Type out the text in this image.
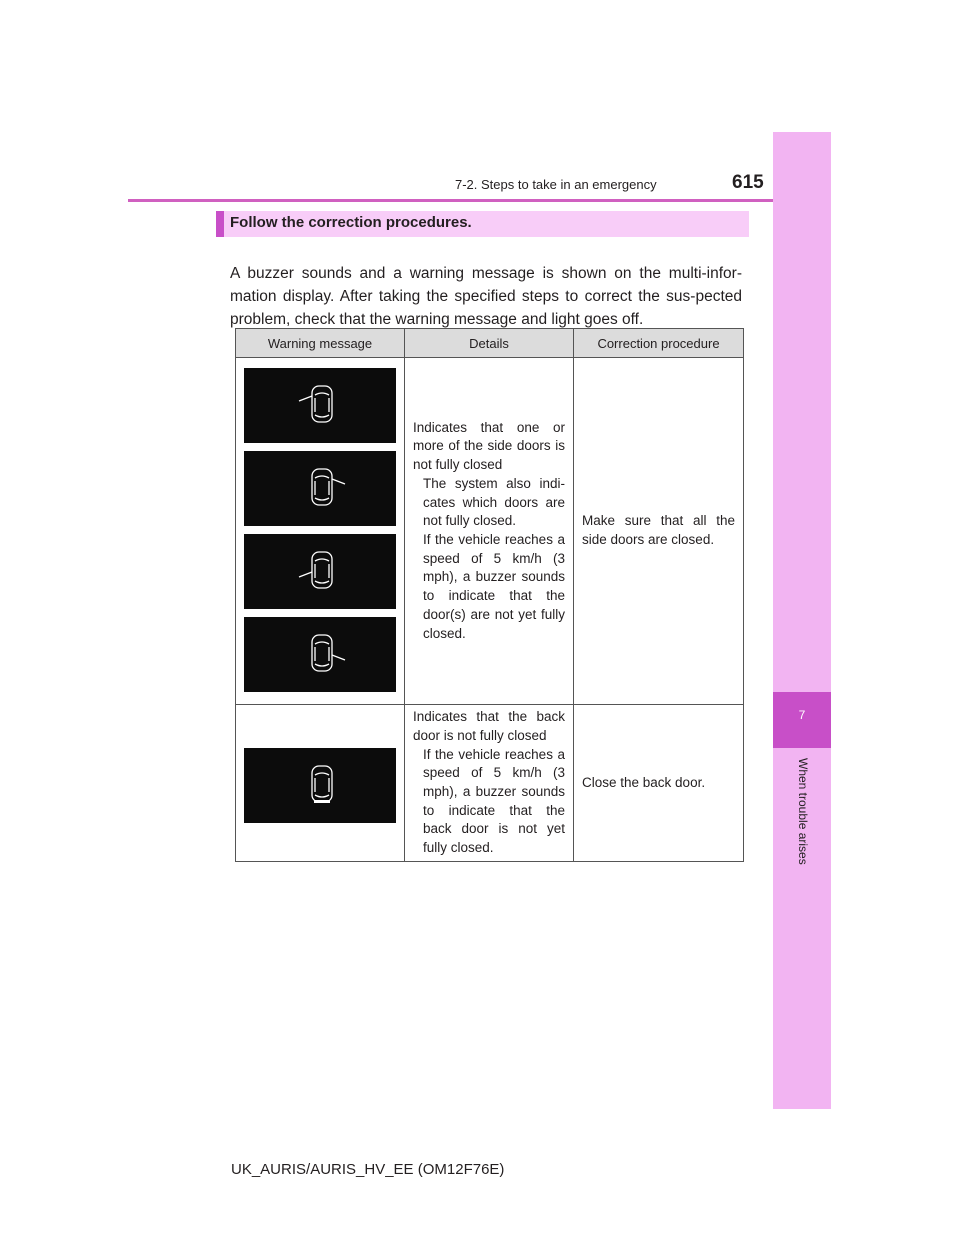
7-2. Steps to take in an emergency	615
7
When trouble arises
Follow the correction procedures.
A buzzer sounds and a warning message is shown on the multi-infor-mation display. After taking the specified steps to correct the sus-pected problem, check that the warning message and light goes off.
Warning message	Details	Correction procedure

	Indicates that one or more of the side doors is not fully closed
The system also indi-cates which doors are not fully closed.
If the vehicle reaches a speed of 5 km/h (3 mph), a buzzer sounds to indicate that the door(s) are not yet fully closed.	Make sure that all the side doors are closed.

	Indicates that the back door is not fully closed
If the vehicle reaches a speed of 5 km/h (3 mph), a buzzer sounds to indicate that the back door is not yet fully closed.	Close the back door.
UK_AURIS/AURIS_HV_EE (OM12F76E)
